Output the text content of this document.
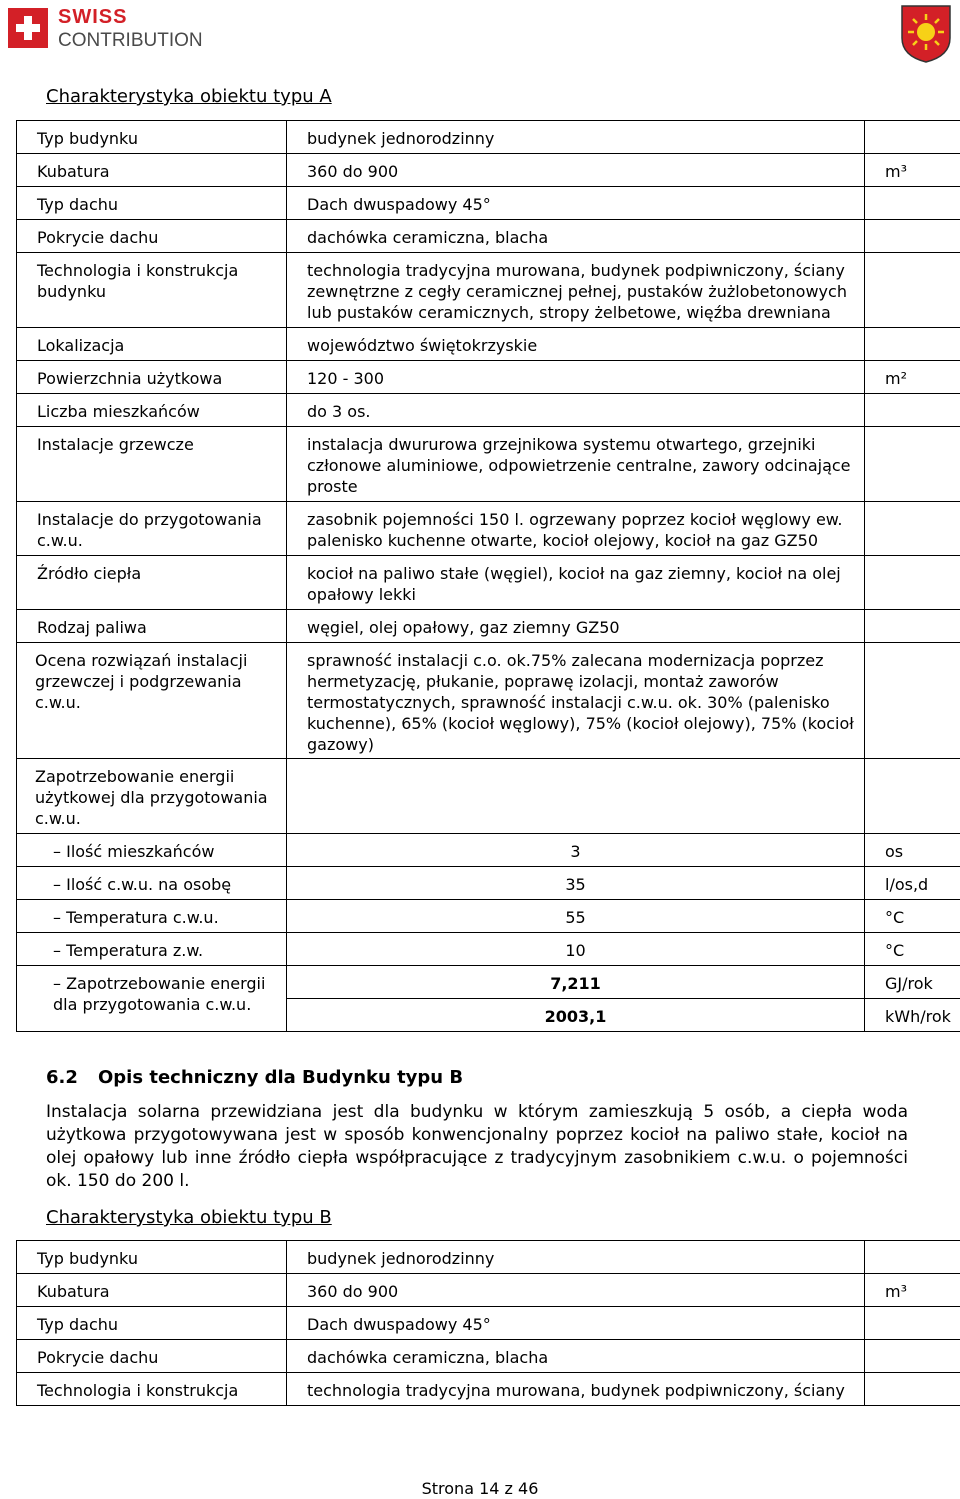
SWISS
CONTRIBUTION
Charakterystyka obiektu typu A
Typ budynku	budynek jednorodzinny	
Kubatura	360 do 900	m³
Typ dachu	Dach dwuspadowy 45°	
Pokrycie dachu	dachówka ceramiczna, blacha	
Technologia i konstrukcja budynku	technologia tradycyjna murowana, budynek podpiwniczony, ściany zewnętrzne z cegły ceramicznej pełnej, pustaków żużlobetonowych lub pustaków ceramicznych, stropy żelbetowe, więźba drewniana	
Lokalizacja	województwo świętokrzyskie	
Powierzchnia użytkowa	120 - 300	m²
Liczba mieszkańców	do 3 os.	
Instalacje grzewcze	instalacja dwururowa grzejnikowa systemu otwartego, grzejniki członowe aluminiowe, odpowietrzenie centralne, zawory odcinające proste	
Instalacje do przygotowania c.w.u.	zasobnik pojemności 150 l. ogrzewany poprzez kocioł węglowy ew. palenisko kuchenne otwarte, kocioł olejowy, kocioł na gaz GZ50	
Źródło ciepła	kocioł na paliwo stałe (węgiel), kocioł na gaz ziemny, kocioł na olej opałowy lekki	
Rodzaj paliwa	węgiel, olej opałowy, gaz ziemny GZ50	
Ocena rozwiązań instalacji grzewczej i podgrzewania c.w.u.	sprawność instalacji c.o. ok.75% zalecana modernizacja poprzez hermetyzację, płukanie, poprawę izolacji, montaż zaworów termostatycznych, sprawność instalacji c.w.u. ok. 30% (palenisko kuchenne), 65% (kocioł węglowy), 75% (kocioł olejowy), 75% (kocioł gazowy)	
Zapotrzebowanie energii użytkowej dla przygotowania c.w.u.		
– Ilość mieszkańców	3	os
– Ilość c.w.u. na osobę	35	l/os,d
– Temperatura c.w.u.	55	°C
– Temperatura z.w.	10	°C
– Zapotrzebowanie energii dla przygotowania c.w.u.	7,211	GJ/rok
	2003,1	kWh/rok
6.2 Opis techniczny dla Budynku typu B
Instalacja solarna przewidziana jest dla budynku w którym zamieszkują 5 osób, a ciepła woda użytkowa przygotowywana jest w sposób konwencjonalny poprzez kocioł na paliwo stałe, kocioł na olej opałowy lub inne źródło ciepła współpracujące z tradycyjnym zasobnikiem c.w.u. o pojemności ok. 150 do 200 l.
Charakterystyka obiektu typu B
Typ budynku	budynek jednorodzinny	
Kubatura	360 do 900	m³
Typ dachu	Dach dwuspadowy 45°	
Pokrycie dachu	dachówka ceramiczna, blacha	
Technologia i konstrukcja	technologia tradycyjna murowana, budynek podpiwniczony, ściany	
Strona 14 z 46
